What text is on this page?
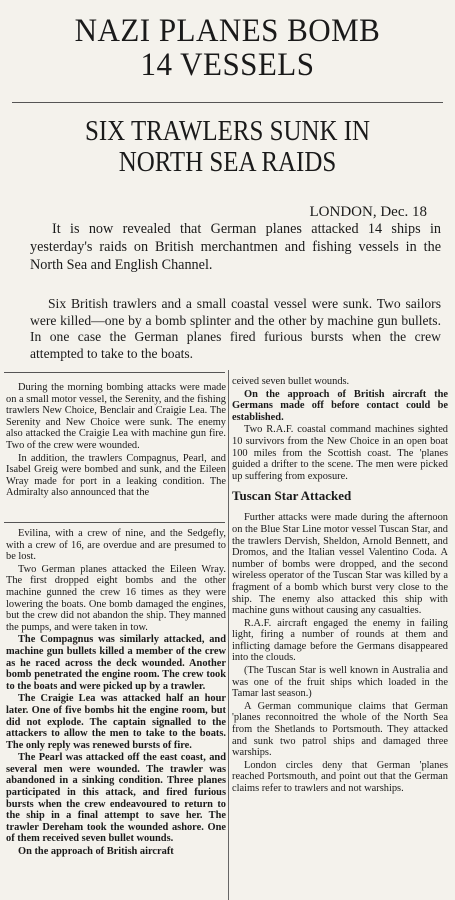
NAZI PLANES BOMB
14 VESSELS
SIX TRAWLERS SUNK IN
NORTH SEA RAIDS
LONDON, Dec. 18

It is now revealed that German planes attacked 14 ships in yesterday's raids on British merchantmen and fishing vessels in the North Sea and English Channel.

Six British trawlers and a small coastal vessel were sunk. Two sailors were killed—one by a bomb splinter and the other by machine gun bullets. In one case the German planes fired furious bursts when the crew attempted to take to the boats.

During the morning bombing attacks were made on a small motor vessel, the Serenity, and the fishing trawlers New Choice, Benclair and Craigie Lea. The Serenity and New Choice were sunk. The enemy also attacked the Craigie Lea with machine gun fire. Two of the crew were wounded.

In addition, the trawlers Compagnus, Pearl, and Isabel Greig were bombed and sunk, and the Eileen Wray made for port in a leaking condition. The Admiralty also announced that the

Evilina, with a crew of nine, and the Sedgefly, with a crew of 16, are overdue and are presumed to be lost.

Two German planes attacked the Eileen Wray. The first dropped eight bombs and the other machine gunned the crew 16 times as they were lowering the boats. One bomb damaged the engines, but the crew did not abandon the ship. They manned the pumps, and were taken in tow.

The Compagnus was similarly attacked, and machine gun bullets killed a member of the crew as he raced across the deck wounded. Another bomb penetrated the engine room. The crew took to the boats and were picked up by a trawler.

The Craigie Lea was attacked half an hour later. One of five bombs hit the engine room, but did not explode. The captain signalled to the attackers to allow the men to take to the boats. The only reply was renewed bursts of fire.

The Pearl was attacked off the east coast, and several men were wounded. The trawler was abandoned in a sinking condition. Three planes participated in this attack, and fired furious bursts when the crew endeavoured to return to the ship in a final attempt to save her. The trawler Dereham took the wounded ashore. One of them received seven bullet wounds.

On the approach of British aircraft

ceived seven bullet wounds.

On the approach of British aircraft the Germans made off before contact could be established.

Two R.A.F. coastal command machines sighted 10 survivors from the New Choice in an open boat 100 miles from the Scottish coast. The 'planes guided a drifter to the scene. The men were picked up suffering from exposure.

Tuscan Star Attacked

Further attacks were made during the afternoon on the Blue Star Line motor vessel Tuscan Star, and the trawlers Dervish, Sheldon, Arnold Bennett, and Dromos, and the Italian vessel Valentino Coda. A number of bombs were dropped, and the second wireless operator of the Tuscan Star was killed by a fragment of a bomb which burst very close to the ship. The enemy also attacked this ship with machine guns without causing any casualties.

R.A.F. aircraft engaged the enemy in failing light, firing a number of rounds at them and inflicting damage before the Germans disappeared into the clouds.

(The Tuscan Star is well known in Australia and was one of the fruit ships which loaded in the Tamar last season.)

A German communique claims that German 'planes reconnoitred the whole of the North Sea from the Shetlands to Portsmouth. They attacked and sunk two patrol ships and damaged three warships.

London circles deny that German 'planes reached Portsmouth, and point out that the German claims refer to trawlers and not warships.
